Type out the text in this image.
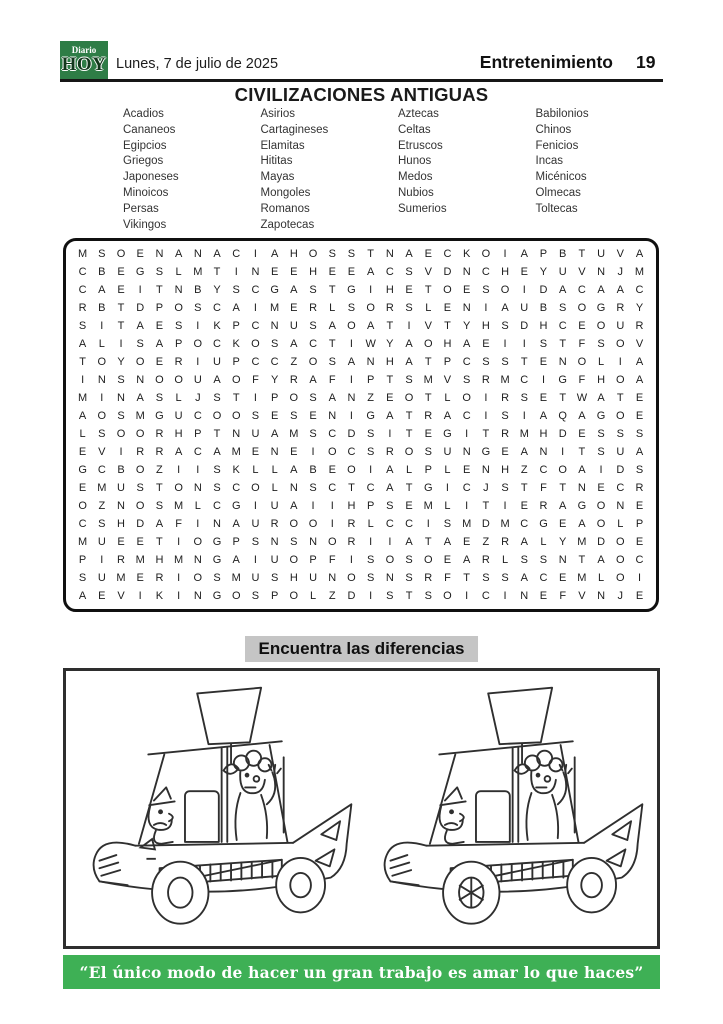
Diario
HOY Lunes, 7 de julio de 2025	Entretenimiento 19
CIVILIZACIONES ANTIGUAS
Acadios
Cananeos
Egipcios
Griegos
Japoneses
Minoicos
Persas
Vikingos
Asirios
Cartagineses
Elamitas
Hititas
Mayas
Mongoles
Romanos
Zapotecas
Aztecas
Celtas
Etruscos
Hunos
Medos
Nubios
Sumerios
Babilonios
Chinos
Fenicios
Incas
Micénicos
Olmecas
Toltecas
M S	O	E	N	A	N	A	C	I	A	H O	S	S	T	N	A	E	C	K	O	I	A	P	B	T	U	V	A
C	B	E	G	S	L	M	T	I	N	E	E	H	E	E	A	C	S	V	D	N	C	H	E	Y	U	V	N	J	M
C	A	E	I	T	N	B	Y	S	C G	A	S	T	G	I	H	E	T	O	E	S	O	I	D	A	C	A	A	C
R	B	T	D	P	O	S	C	A	I	M E	R	L	S	O R	S	L	E	N	I	A	U	B	S	O G R	Y
S	I	T	A	E	S	I	K	P	C	N	U	S	A	O	A	T	I	V	T	Y	H	S	D	H	C	E	O U	R
A	L	I	S	A	P	O C	K	O	S	A	C	T	I	W Y	A	O H	A	E	I	I	S	T	F	S	O	V
T	O	Y	O	E	R	I	U	P	C	C	Z	O	S	A	N	H	A	T	P	C	S	S	T	E	N O	L	I	A
I	N	S	N O O U	A	O	F	Y	R	A	F	I	P	T	S M V	S	R M C	I	G	F	H O	A
M	I	N	A	S	L	J	S	T	I	P	O	S	A	N	Z	E	O	T	L	O	I	R	S	E	T W A	T	E
A	O	S M G U	C O O	S	E	S	E	N	I	G	A	T	R	A	C	I	S	I	A	Q	A	G O	E
L	S	O O R	H	P	T	N	U	A M S	C	D	S	I	T	E	G	I	T	R M H	D	E	S	S	S
E	V	I	R	R	A	C	A M E	N	E	I	O C	S	R O	S	U	N G	E	A	N	I	T	S	U	A
G C	B	O	Z	I	I	S	K	L	L	A	B	E	O	I	A	L	P	L	E	N	H	Z	C O	A	I	D	S
E M U	S	T	O N	S	C O	L	N	S	C	T	C	A	T	G	I	C	J	S	T	F	T	N	E	C	R
O	Z	N O	S M	L	C G	I	U	A	I	I	H	P	S	E M	L	I	T	I	E	R	A	G O N	E
C	S	H	D	A	F	I	N	A	U	R O O	I	R	L	C	C	I	S M D M C G	E	A	O	L	P
M U	E	E	T	I	O G	P	S	N	S	N O R	I	I	A	T	A	E	Z	R	A	L	Y M D O	E
P	I	R M H M N G	A	I	U O	P	F	I	S	O	S	O	E	A	R	L	S	S	N	T	A	O C
S	U M E	R	I	O	S M U	S	H	U	N O	S	N	S	R	F	T	S	S	A	C	E M	L	O	I
A	E	V	I	K	I	N G O	S	P	O	L	Z	D	I	S	T	S	O	I	C	I	N	E	F	V	N	J	E
Encuentra las diferencias
“El único modo de hacer un gran trabajo es amar lo que haces”
